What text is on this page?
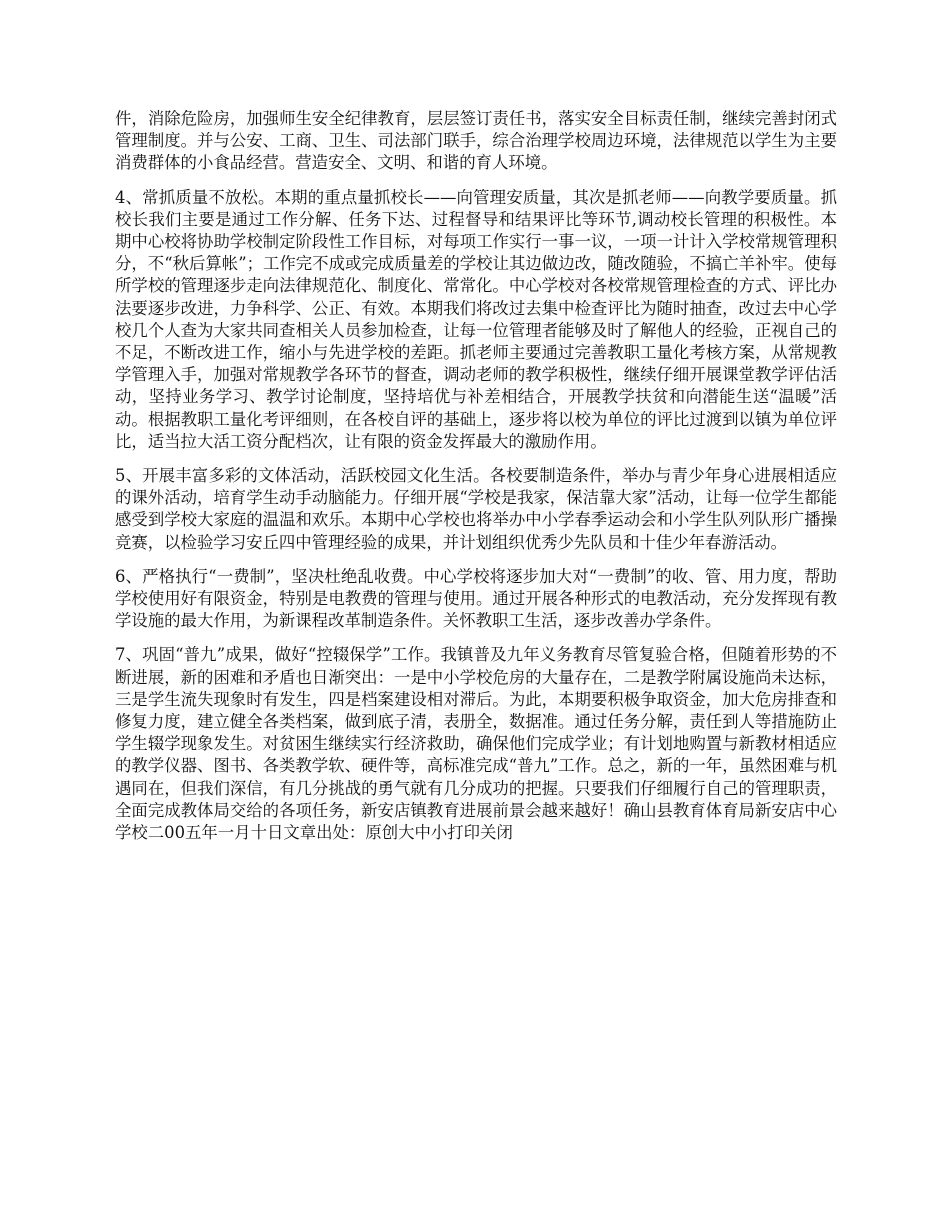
件，消除危险房，加强师生安全纪律教育，层层签订责任书，落实安全目标责任制，继续完善封闭式管理制度。并与公安、工商、卫生、司法部门联手，综合治理学校周边环境，法律规范以学生为主要消费群体的小食品经营。营造安全、文明、和谐的育人环境。

4、常抓质量不放松。本期的重点量抓校长——向管理安质量，其次是抓老师——向教学要质量。抓校长我们主要是通过工作分解、任务下达、过程督导和结果评比等环节,调动校长管理的积极性。本期中心校将协助学校制定阶段性工作目标，对每项工作实行一事一议，一项一计计入学校常规管理积分，不“秋后算帐”；工作完不成或完成质量差的学校让其边做边改，随改随验，不搞亡羊补牢。使每所学校的管理逐步走向法律规范化、制度化、常常化。中心学校对各校常规管理检查的方式、评比办法要逐步改进，力争科学、公正、有效。本期我们将改过去集中检查评比为随时抽查，改过去中心学校几个人查为大家共同查相关人员参加检查，让每一位管理者能够及时了解他人的经验，正视自己的不足，不断改进工作，缩小与先进学校的差距。抓老师主要通过完善教职工量化考核方案，从常规教学管理入手，加强对常规教学各环节的督查，调动老师的教学积极性，继续仔细开展课堂教学评估活动，坚持业务学习、教学讨论制度，坚持培优与补差相结合，开展教学扶贫和向潜能生送“温暖”活动。根据教职工量化考评细则，在各校自评的基础上，逐步将以校为单位的评比过渡到以镇为单位评比，适当拉大活工资分配档次，让有限的资金发挥最大的激励作用。

5、开展丰富多彩的文体活动，活跃校园文化生活。各校要制造条件，举办与青少年身心进展相适应的课外活动，培育学生动手动脑能力。仔细开展“学校是我家，保洁靠大家”活动，让每一位学生都能感受到学校大家庭的温温和欢乐。本期中心学校也将举办中小学春季运动会和小学生队列队形广播操竞赛，以检验学习安丘四中管理经验的成果，并计划组织优秀少先队员和十佳少年春游活动。

6、严格执行“一费制”，坚决杜绝乱收费。中心学校将逐步加大对“一费制”的收、管、用力度，帮助学校使用好有限资金，特别是电教费的管理与使用。通过开展各种形式的电教活动，充分发挥现有教学设施的最大作用，为新课程改革制造条件。关怀教职工生活，逐步改善办学条件。

7、巩固“普九”成果，做好“控辍保学”工作。我镇普及九年义务教育尽管复验合格，但随着形势的不断进展，新的困难和矛盾也日渐突出：一是中小学校危房的大量存在，二是教学附属设施尚未达标，三是学生流失现象时有发生，四是档案建设相对滞后。为此，本期要积极争取资金，加大危房排查和修复力度，建立健全各类档案，做到底子清，表册全，数据准。通过任务分解，责任到人等措施防止学生辍学现象发生。对贫困生继续实行经济救助，确保他们完成学业；有计划地购置与新教材相适应的教学仪器、图书、各类教学软、硬件等，高标准完成“普九”工作。总之，新的一年，虽然困难与机遇同在，但我们深信，有几分挑战的勇气就有几分成功的把握。只要我们仔细履行自己的管理职责，全面完成教体局交给的各项任务，新安店镇教育进展前景会越来越好！确山县教育体育局新安店中心学校二00五年一月十日文章出处：原创大中小打印关闭
